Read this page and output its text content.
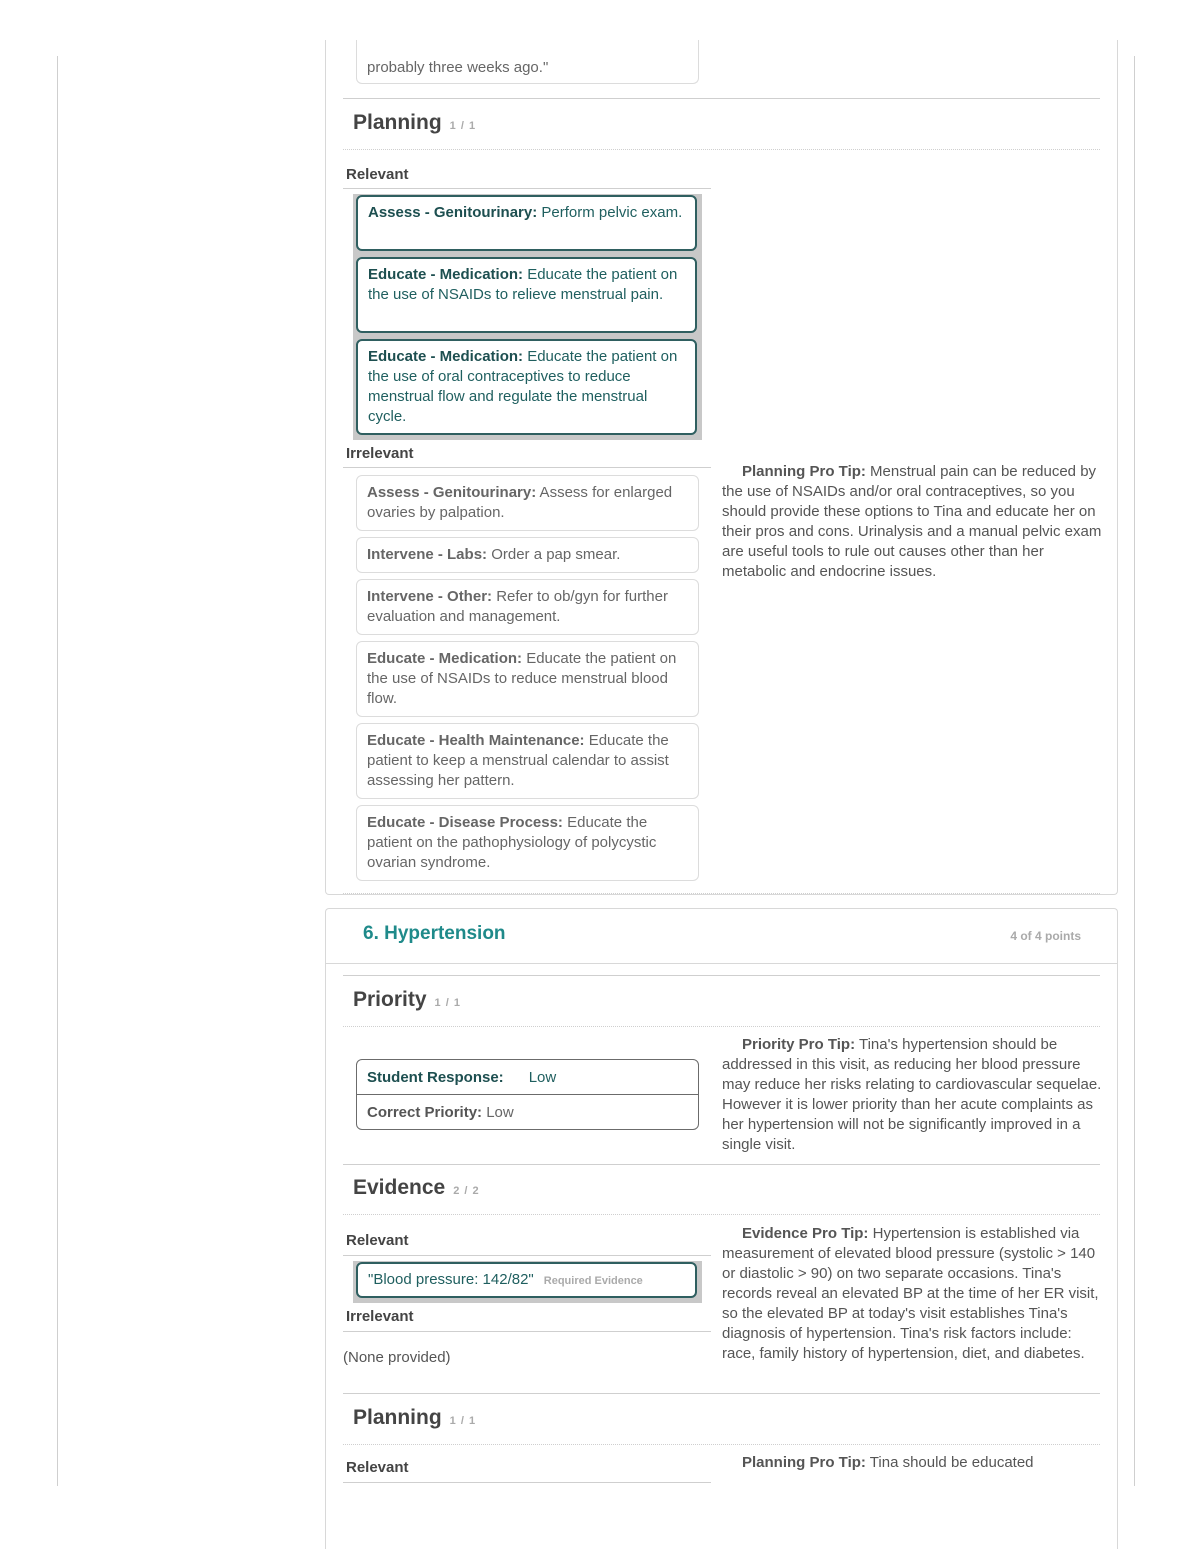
probably three weeks ago."
Planning 1 / 1
Relevant
Assess - Genitourinary: Perform pelvic exam.
Educate - Medication: Educate the patient on the use of NSAIDs to relieve menstrual pain.
Educate - Medication: Educate the patient on the use of oral contraceptives to reduce menstrual flow and regulate the menstrual cycle.
Irrelevant
Assess - Genitourinary: Assess for enlarged ovaries by palpation.
Intervene - Labs: Order a pap smear.
Intervene - Other: Refer to ob/gyn for further evaluation and management.
Educate - Medication: Educate the patient on the use of NSAIDs to reduce menstrual blood flow.
Educate - Health Maintenance: Educate the patient to keep a menstrual calendar to assist assessing her pattern.
Educate - Disease Process: Educate the patient on the pathophysiology of polycystic ovarian syndrome.
Planning Pro Tip: Menstrual pain can be reduced by the use of NSAIDs and/or oral contraceptives, so you should provide these options to Tina and educate her on their pros and cons. Urinalysis and a manual pelvic exam are useful tools to rule out causes other than her metabolic and endocrine issues.
6. Hypertension	4 of 4 points
Priority 1 / 1
Student Response: Low
Correct Priority: Low
Priority Pro Tip: Tina's hypertension should be addressed in this visit, as reducing her blood pressure may reduce her risks relating to cardiovascular sequelae. However it is lower priority than her acute complaints as her hypertension will not be significantly improved in a single visit.
Evidence 2 / 2
Relevant
"Blood pressure: 142/82" Required Evidence
Irrelevant
(None provided)
Evidence Pro Tip: Hypertension is established via measurement of elevated blood pressure (systolic > 140 or diastolic > 90) on two separate occasions. Tina's records reveal an elevated BP at the time of her ER visit, so the elevated BP at today's visit establishes Tina's diagnosis of hypertension. Tina's risk factors include: race, family history of hypertension, diet, and diabetes.
Planning 1 / 1
Relevant	Planning Pro Tip: Tina should be educated
